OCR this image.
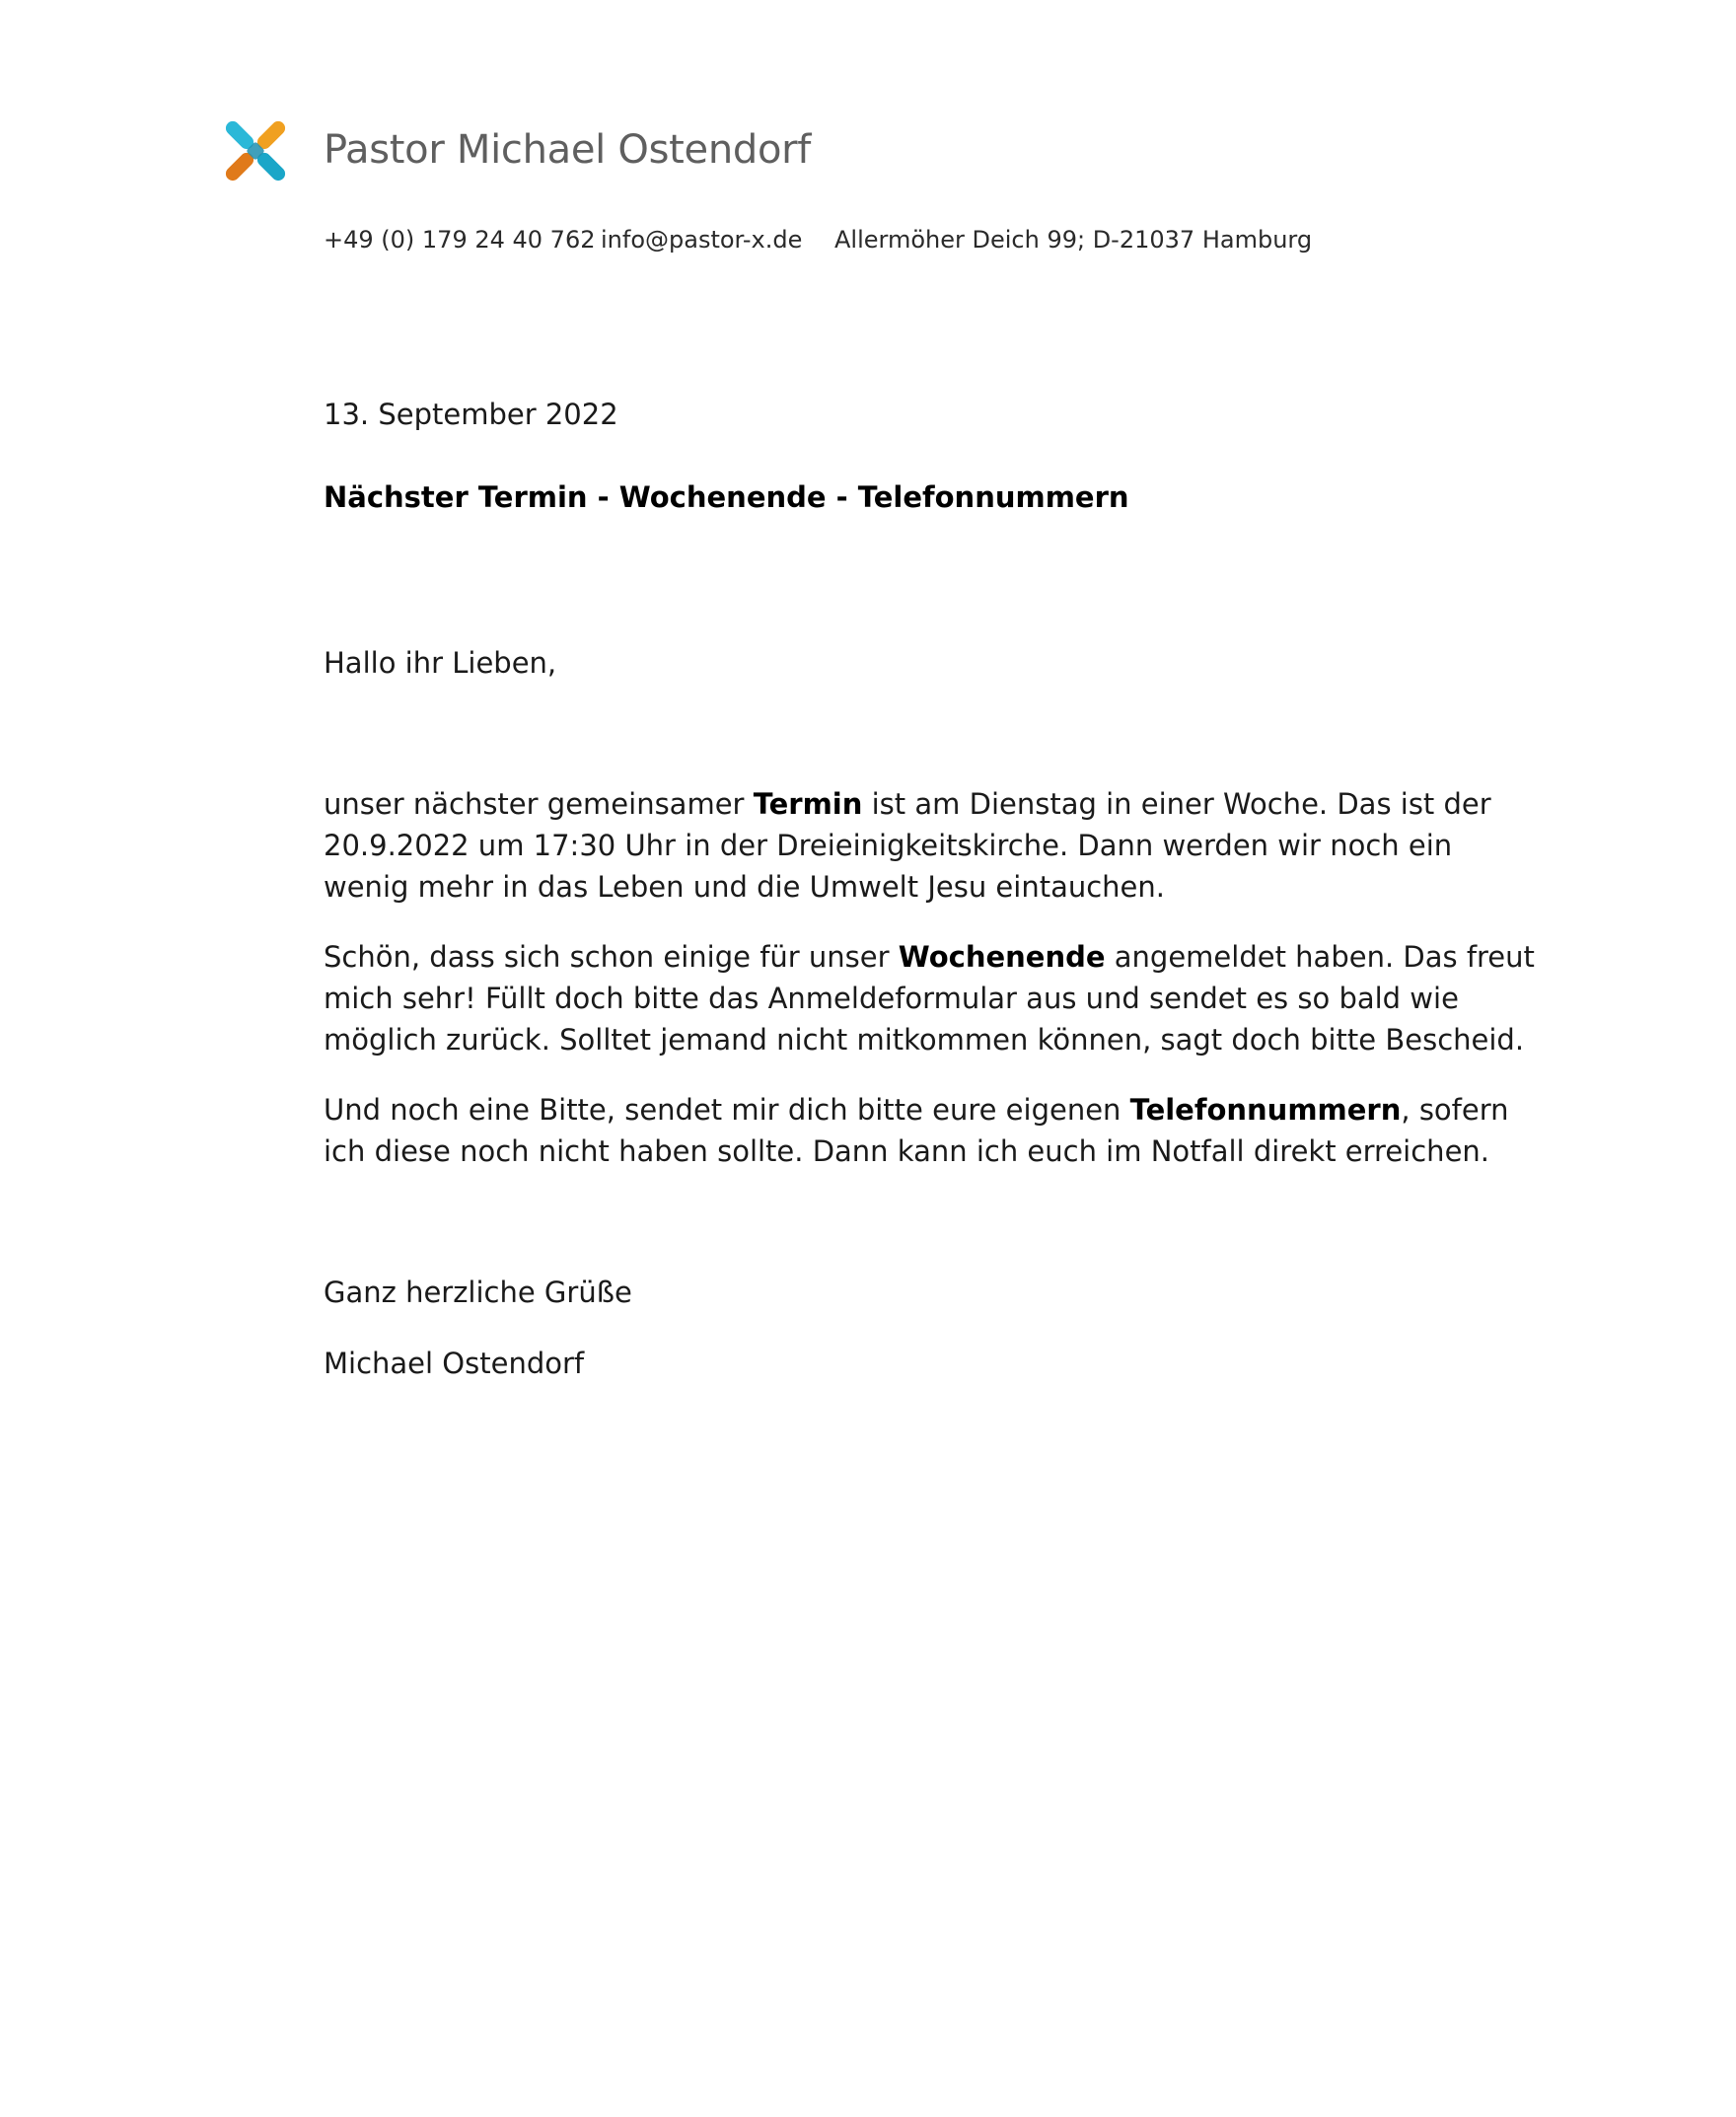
Pastor Michael Ostendorf
+49 (0) 179 24 40 762 info@pastor-x.de Allermöher Deich 99; D-21037 Hamburg
13. September 2022
Nächster Termin - Wochenende - Telefonnummern
Hallo ihr Lieben,

unser nächster gemeinsamer Termin ist am Dienstag in einer Woche. Das ist der 20.9.2022 um 17:30 Uhr in der Dreieinigkeitskirche. Dann werden wir noch ein wenig mehr in das Leben und die Umwelt Jesu eintauchen.

Schön, dass sich schon einige für unser Wochenende angemeldet haben. Das freut mich sehr! Füllt doch bitte das Anmeldeformular aus und sendet es so bald wie möglich zurück. Solltet jemand nicht mitkommen können, sagt doch bitte Bescheid.

Und noch eine Bitte, sendet mir dich bitte eure eigenen Telefonnummern, sofern ich diese noch nicht haben sollte. Dann kann ich euch im Notfall direkt erreichen.

Ganz herzliche Grüße
Michael Ostendorf
